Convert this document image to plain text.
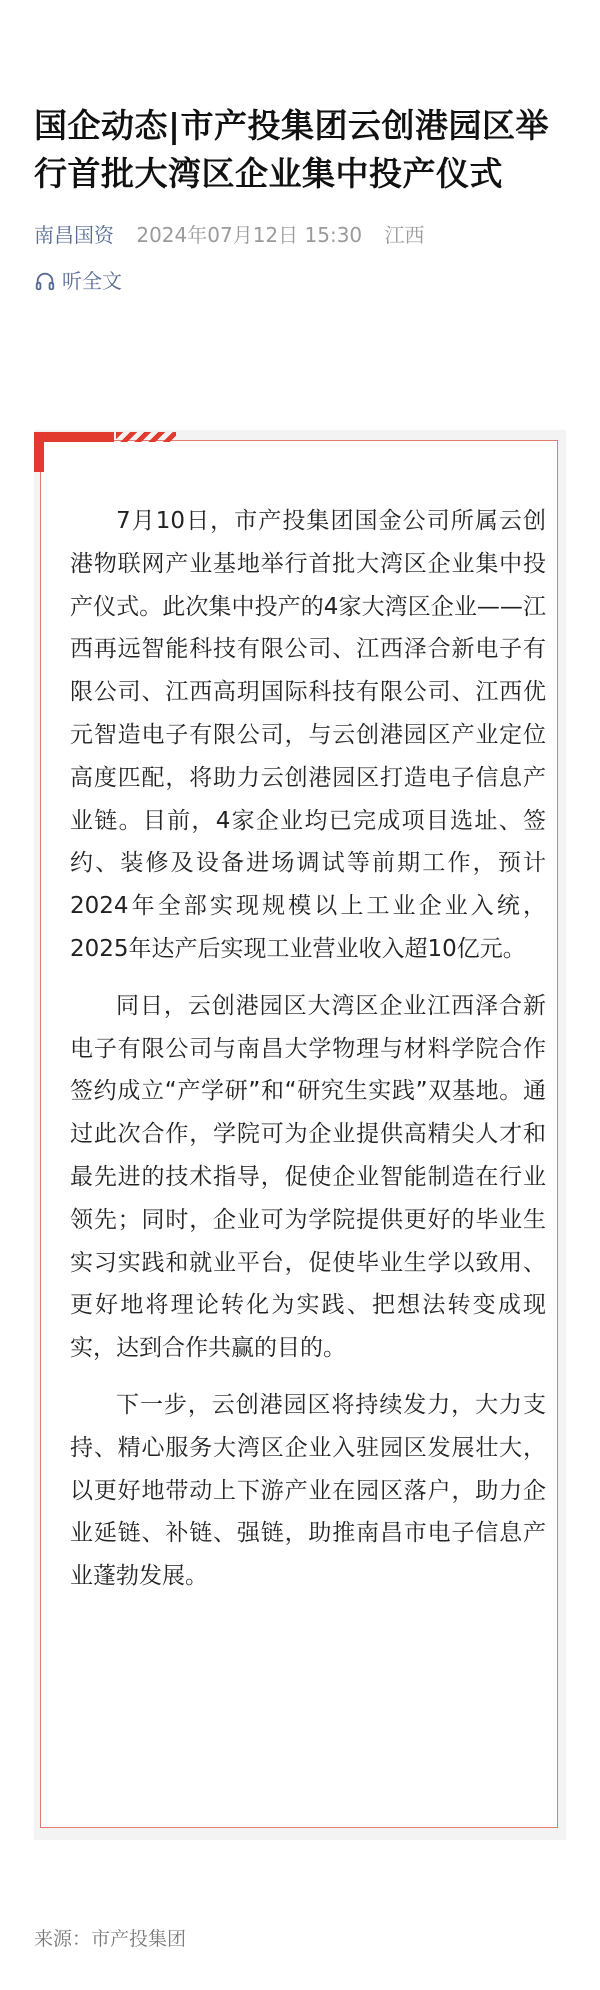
国企动态|市产投集团云创港园区举行首批大湾区企业集中投产仪式
南昌国资 2024年07月12日 15:30 江西
听全文

7月10日，市产投集团国金公司所属云创港物联网产业基地举行首批大湾区企业集中投产仪式。此次集中投产的4家大湾区企业——江西再远智能科技有限公司、江西泽合新电子有限公司、江西高玥国际科技有限公司、江西优元智造电子有限公司，与云创港园区产业定位高度匹配，将助力云创港园区打造电子信息产业链。目前，4家企业均已完成项目选址、签约、装修及设备进场调试等前期工作，预计2024年全部实现规模以上工业企业入统，2025年达产后实现工业营业收入超10亿元。

同日，云创港园区大湾区企业江西泽合新电子有限公司与南昌大学物理与材料学院合作签约成立“产学研”和“研究生实践”双基地。通过此次合作，学院可为企业提供高精尖人才和最先进的技术指导，促使企业智能制造在行业领先；同时，企业可为学院提供更好的毕业生实习实践和就业平台，促使毕业生学以致用、更好地将理论转化为实践、把想法转变成现实，达到合作共赢的目的。

下一步，云创港园区将持续发力，大力支持、精心服务大湾区企业入驻园区发展壮大，以更好地带动上下游产业在园区落户，助力企业延链、补链、强链，助推南昌市电子信息产业蓬勃发展。

来源：市产投集团
